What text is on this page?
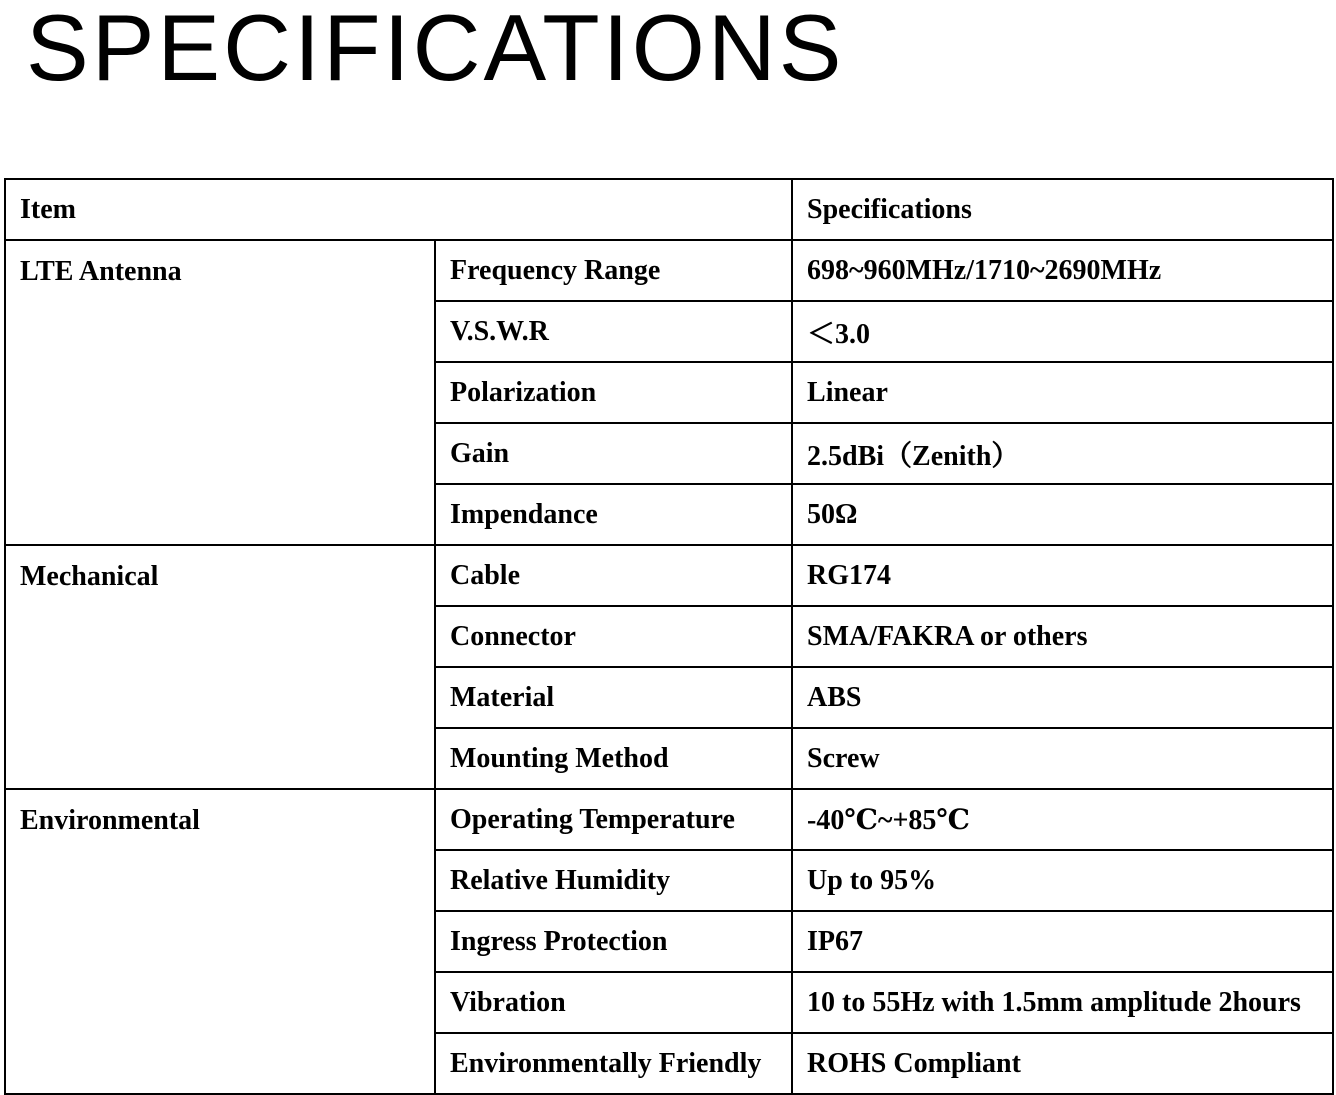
SPECIFICATIONS
Item		Specifications
LTE Antenna	Frequency Range	698~960MHz/1710~2690MHz
	V.S.W.R	＜3.0
	Polarization	Linear
	Gain	2.5dBi（Zenith）
	Impendance	50Ω
Mechanical	Cable	RG174
	Connector	SMA/FAKRA or others
	Material	ABS
	Mounting Method	Screw
Environmental	Operating Temperature	-40℃~+85℃
	Relative Humidity	Up to 95%
	Ingress Protection	IP67
	Vibration	10 to 55Hz with 1.5mm amplitude 2hours
	Environmentally Friendly	ROHS Compliant
